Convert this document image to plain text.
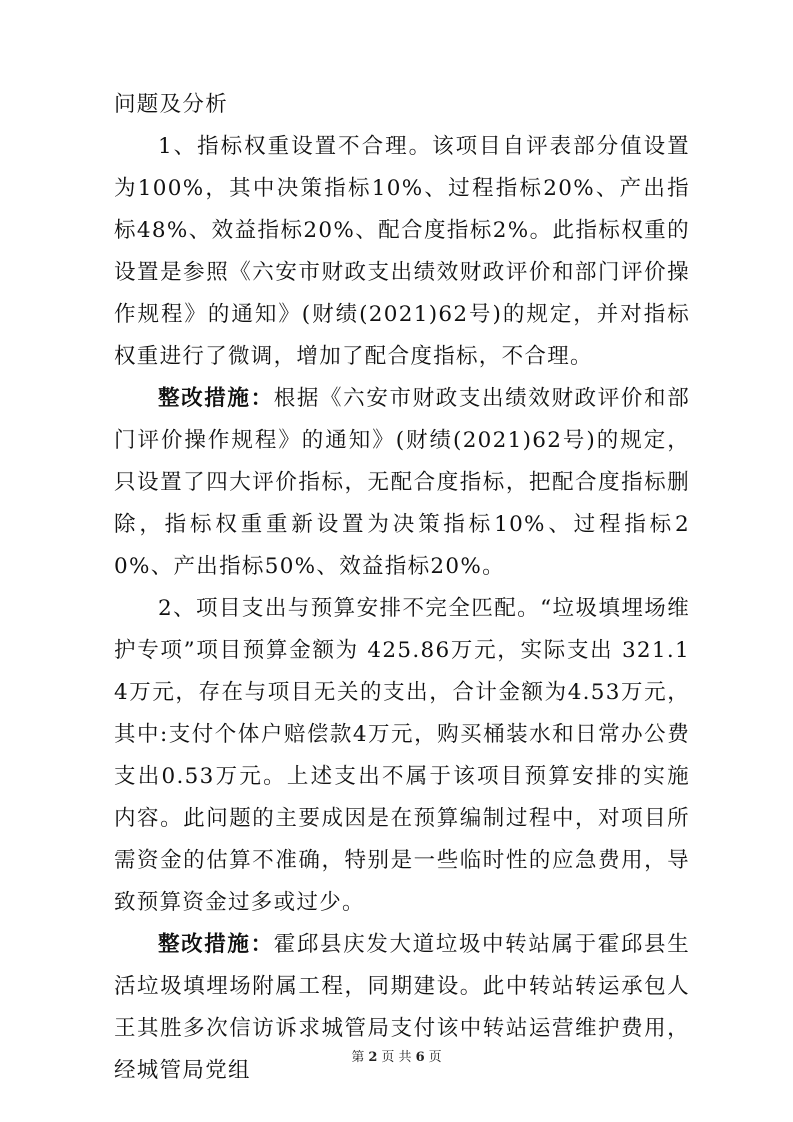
问题及分析

1、指标权重设置不合理。该项目自评表部分值设置为100%，其中决策指标10%、过程指标20%、产出指标48%、效益指标20%、配合度指标2%。此指标权重的设置是参照《六安市财政支出绩效财政评价和部门评价操作规程》的通知》(财绩(2021)62号)的规定，并对指标权重进行了微调，增加了配合度指标，不合理。

整改措施：根据《六安市财政支出绩效财政评价和部门评价操作规程》的通知》(财绩(2021)62号)的规定，只设置了四大评价指标，无配合度指标，把配合度指标删除，指标权重重新设置为决策指标10%、过程指标20%、产出指标50%、效益指标20%。

2、项目支出与预算安排不完全匹配。“垃圾填埋场维护专项”项目预算金额为 425.86万元，实际支出 321.14万元，存在与项目无关的支出，合计金额为4.53万元，其中:支付个体户赔偿款4万元，购买桶装水和日常办公费支出0.53万元。上述支出不属于该项目预算安排的实施内容。此问题的主要成因是在预算编制过程中，对项目所需资金的估算不准确，特别是一些临时性的应急费用，导致预算资金过多或过少。

整改措施：霍邱县庆发大道垃圾中转站属于霍邱县生活垃圾填埋场附属工程，同期建设。此中转站转运承包人王其胜多次信访诉求城管局支付该中转站运营维护费用，经城管局党组

第 2 页 共 6 页
